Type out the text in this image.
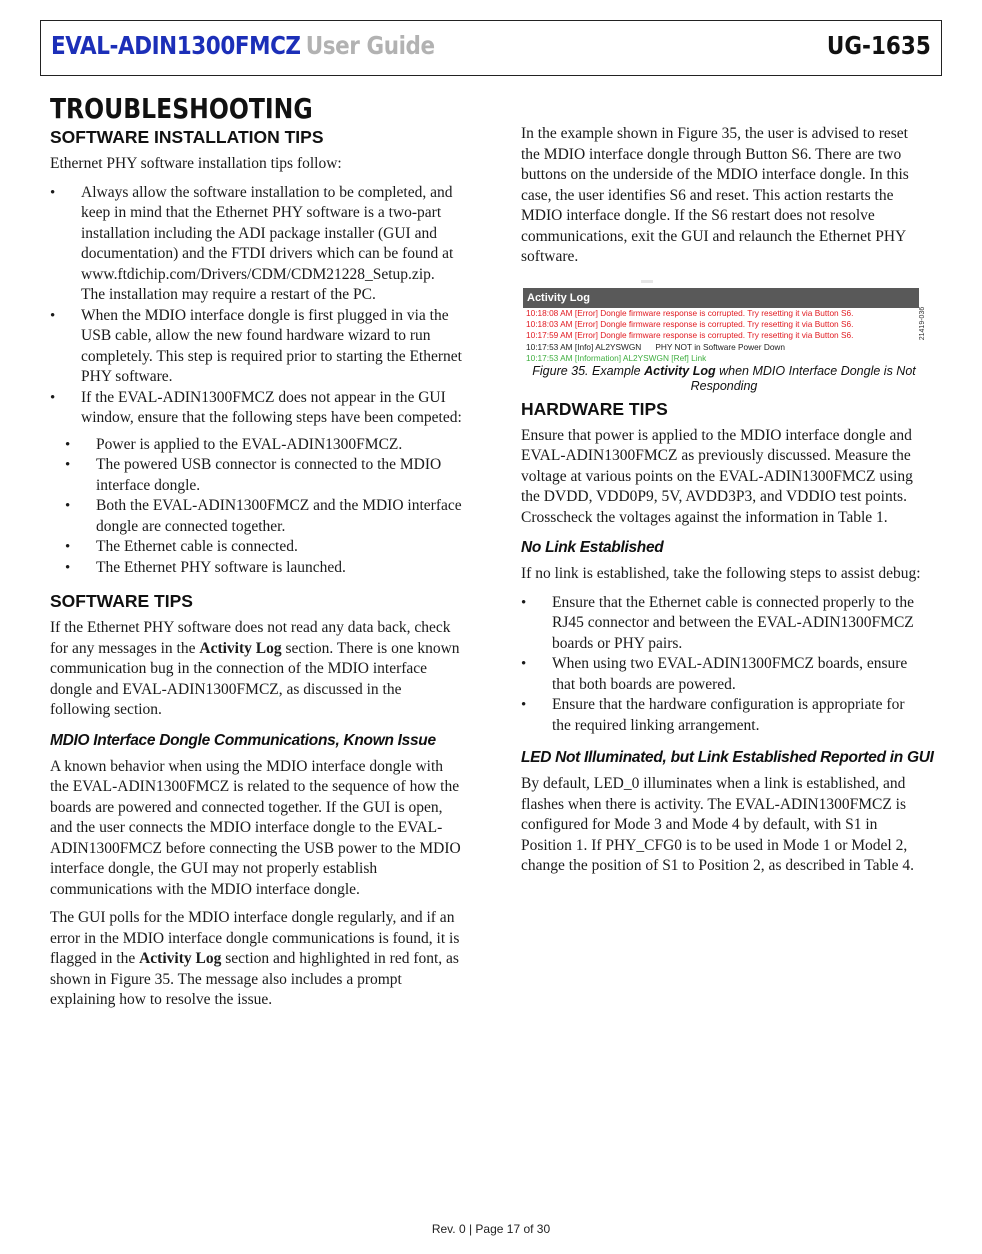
EVAL-ADIN1300FMCZ User Guide	UG-1635
TROUBLESHOOTING
SOFTWARE INSTALLATION TIPS

Ethernet PHY software installation tips follow:

• Always allow the software installation to be completed, and keep in mind that the Ethernet PHY software is a two-part installation including the ADI package installer (GUI and documentation) and the FTDI drivers which can be found at www.ftdichip.com/Drivers/CDM/CDM21228_Setup.zip. The installation may require a restart of the PC.
• When the MDIO interface dongle is first plugged in via the USB cable, allow the new found hardware wizard to run completely. This step is required prior to starting the Ethernet PHY software.
• If the EVAL-ADIN1300FMCZ does not appear in the GUI window, ensure that the following steps have been competed:
• Power is applied to the EVAL-ADIN1300FMCZ.
• The powered USB connector is connected to the MDIO interface dongle.
• Both the EVAL-ADIN1300FMCZ and the MDIO interface dongle are connected together.
• The Ethernet cable is connected.
• The Ethernet PHY software is launched.
SOFTWARE TIPS

If the Ethernet PHY software does not read any data back, check for any messages in the Activity Log section. There is one known communication bug in the connection of the MDIO interface dongle and EVAL-ADIN1300FMCZ, as discussed in the following section.

MDIO Interface Dongle Communications, Known Issue

A known behavior when using the MDIO interface dongle with the EVAL-ADIN1300FMCZ is related to the sequence of how the boards are powered and connected together. If the GUI is open, and the user connects the MDIO interface dongle to the EVAL-ADIN1300FMCZ before connecting the USB power to the MDIO interface dongle, the GUI may not properly establish communications with the MDIO interface dongle.

The GUI polls for the MDIO interface dongle regularly, and if an error in the MDIO interface dongle communications is found, it is flagged in the Activity Log section and highlighted in red font, as shown in Figure 35. The message also includes a prompt explaining how to resolve the issue.

In the example shown in Figure 35, the user is advised to reset the MDIO interface dongle through Button S6. There are two buttons on the underside of the MDIO interface dongle. In this case, the user identifies S6 and reset. This action restarts the MDIO interface dongle. If the S6 restart does not resolve communications, exit the GUI and relaunch the Ethernet PHY software.

Activity Log
10:18:08 AM [Error] Dongle firmware response is corrupted. Try resetting it via Button S6.
10:18:03 AM [Error] Dongle firmware response is corrupted. Try resetting it via Button S6.
10:17:59 AM [Error] Dongle firmware response is corrupted. Try resetting it via Button S6.
10:17:53 AM [Info] AL2YSWGN PHY NOT in Software Power Down
10:17:53 AM [Information] AL2YSWGN [Ref] Link
21419-036
Figure 35. Example Activity Log when MDIO Interface Dongle is Not Responding
HARDWARE TIPS

Ensure that power is applied to the MDIO interface dongle and EVAL-ADIN1300FMCZ as previously discussed. Measure the voltage at various points on the EVAL-ADIN1300FMCZ using the DVDD, VDD0P9, 5V, AVDD3P3, and VDDIO test points. Crosscheck the voltages against the information in Table 1.

No Link Established

If no link is established, take the following steps to assist debug:

• Ensure that the Ethernet cable is connected properly to the RJ45 connector and between the EVAL-ADIN1300FMCZ boards or PHY pairs.
• When using two EVAL-ADIN1300FMCZ boards, ensure that both boards are powered.
• Ensure that the hardware configuration is appropriate for the required linking arrangement.
LED Not Illuminated, but Link Established Reported in GUI

By default, LED_0 illuminates when a link is established, and flashes when there is activity. The EVAL-ADIN1300FMCZ is configured for Mode 3 and Mode 4 by default, with S1 in Position 1. If PHY_CFG0 is to be used in Mode 1 or Model 2, change the position of S1 to Position 2, as described in Table 4.

Rev. 0 | Page 17 of 30
